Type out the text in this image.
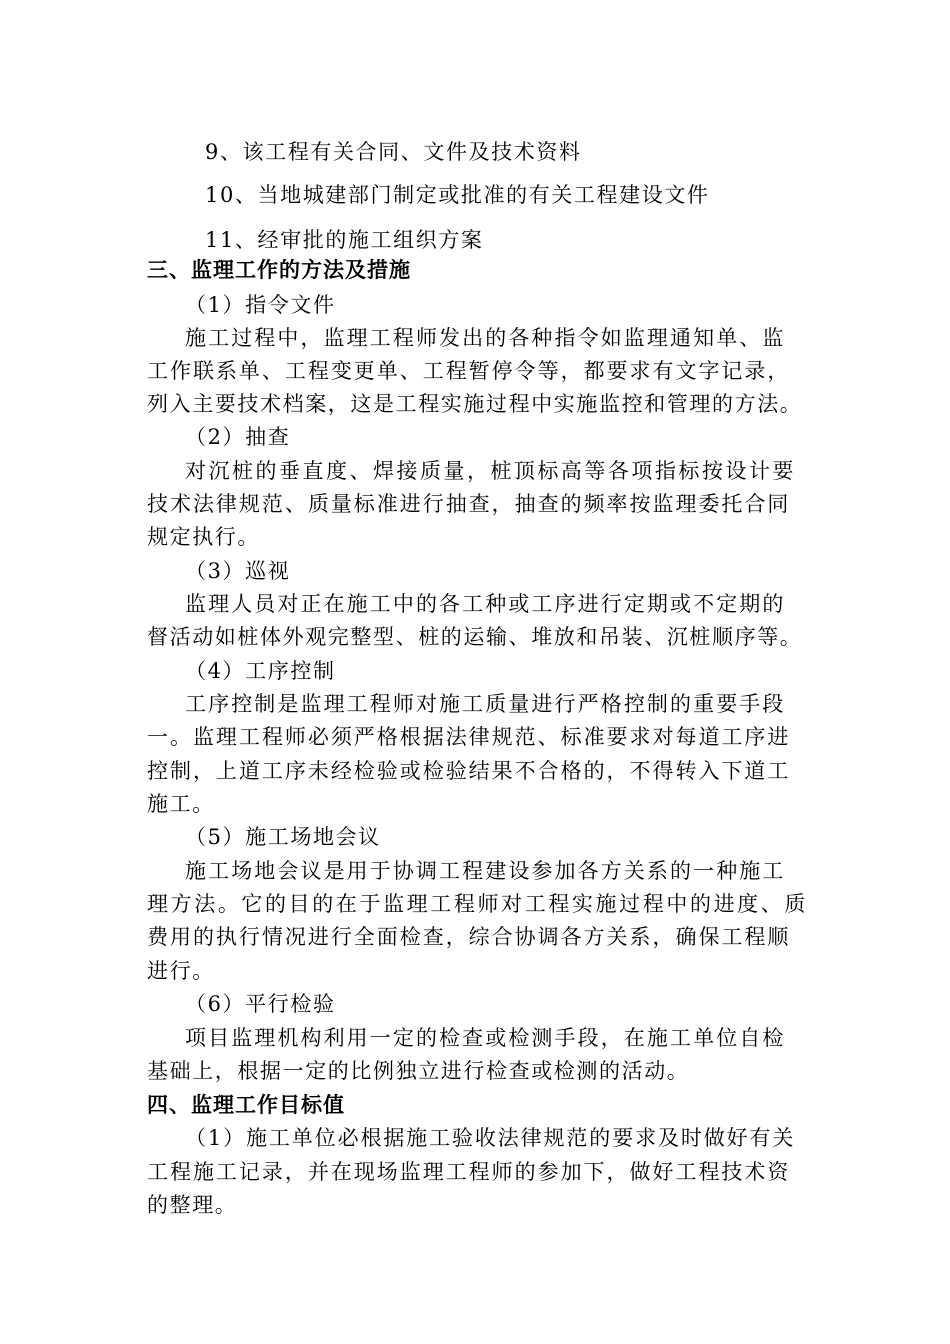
9、该工程有关合同、文件及技术资料
10、当地城建部门制定或批准的有关工程建设文件
11、经审批的施工组织方案
三、监理工作的方法及措施
（1）指令文件
施工过程中，监理工程师发出的各种指令如监理通知单、监
工作联系单、工程变更单、工程暂停令等，都要求有文字记录，
列入主要技术档案，这是工程实施过程中实施监控和管理的方法。
（2）抽查
对沉桩的垂直度、焊接质量，桩顶标高等各项指标按设计要
技术法律规范、质量标准进行抽查，抽查的频率按监理委托合同
规定执行。
（3）巡视
监理人员对正在施工中的各工种或工序进行定期或不定期的
督活动如桩体外观完整型、桩的运输、堆放和吊装、沉桩顺序等。
（4）工序控制
工序控制是监理工程师对施工质量进行严格控制的重要手段
一。监理工程师必须严格根据法律规范、标准要求对每道工序进
控制，上道工序未经检验或检验结果不合格的，不得转入下道工
施工。
（5）施工场地会议
施工场地会议是用于协调工程建设参加各方关系的一种施工
理方法。它的目的在于监理工程师对工程实施过程中的进度、质
费用的执行情况进行全面检查，综合协调各方关系，确保工程顺
进行。
（6）平行检验
项目监理机构利用一定的检查或检测手段，在施工单位自检
基础上，根据一定的比例独立进行检查或检测的活动。
四、监理工作目标值
（1）施工单位必根据施工验收法律规范的要求及时做好有关
工程施工记录，并在现场监理工程师的参加下，做好工程技术资
的整理。
